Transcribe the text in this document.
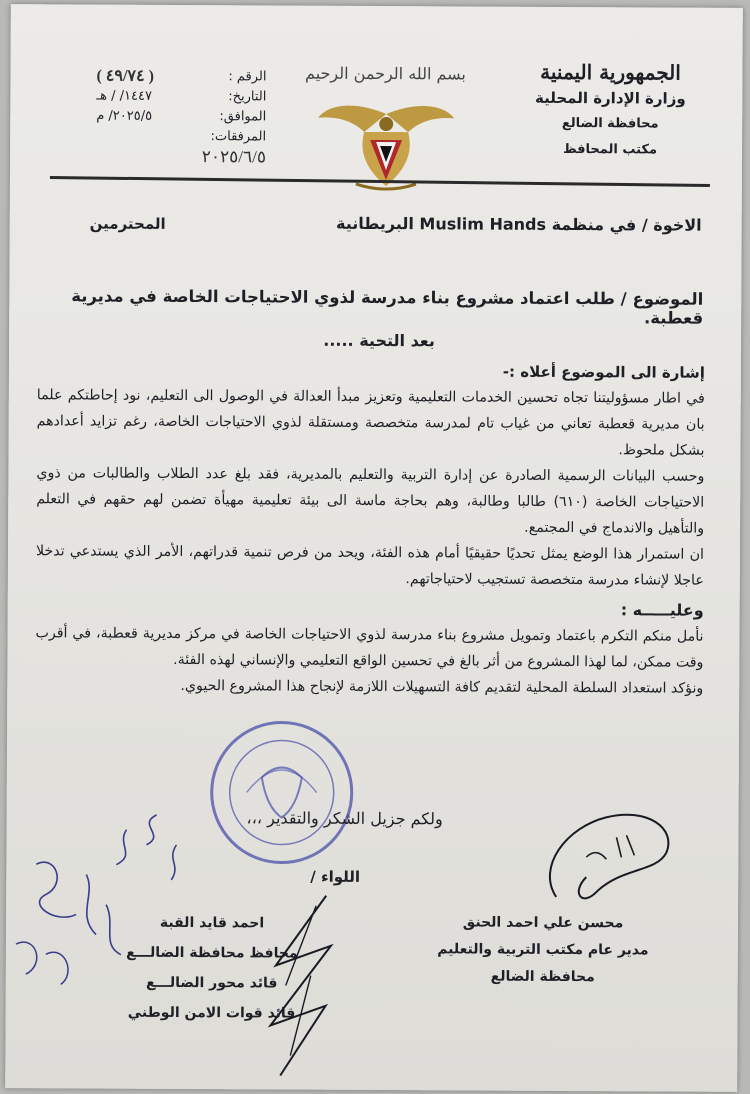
الجمهورية اليمنية
وزارة الإدارة المحلية
محافظة الضالع
مكتب المحافظ
بسم الله الرحمن الرحيم
الرقم :
( ٤٩/٧٤ )
التاريخ:
١٤٤٧/ / هـ
الموافق:
٢٠٢٥/٥/ م
المرفقات:
٢٠٢٥/٦/٥
الاخوة / في منظمة Muslim Hands البريطانية
المحترمين
الموضوع / طلب اعتماد مشروع بناء مدرسة لذوي الاحتياجات الخاصة في مديرية قعطبة.
بعد التحية .....

إشارة الى الموضوع أعلاه :-

في اطار مسؤوليتنا تجاه تحسين الخدمات التعليمية وتعزيز مبدأ العدالة في الوصول الى التعليم، نود إحاطتكم علما بان مديرية قعطبة تعاني من غياب تام لمدرسة متخصصة ومستقلة لذوي الاحتياجات الخاصة، رغم تزايد أعدادهم بشكل ملحوظ.

وحسب البيانات الرسمية الصادرة عن إدارة التربية والتعليم بالمديرية، فقد بلغ عدد الطلاب والطالبات من ذوي الاحتياجات الخاصة (٦١٠) طالبا وطالبة، وهم بحاجة ماسة الى بيئة تعليمية مهيأة تضمن لهم حقهم في التعلم والتأهيل والاندماج في المجتمع.

ان استمرار هذا الوضع يمثل تحديًا حقيقيًا أمام هذه الفئة، ويحد من فرص تنمية قدراتهم، الأمر الذي يستدعي تدخلا عاجلا لإنشاء مدرسة متخصصة تستجيب لاحتياجاتهم.

وعليـــــه :

نأمل منكم التكرم باعتماد وتمويل مشروع بناء مدرسة لذوي الاحتياجات الخاصة في مركز مديرية قعطبة، في أقرب وقت ممكن، لما لهذا المشروع من أثر بالغ في تحسين الواقع التعليمي والإنساني لهذه الفئة.

ونؤكد استعداد السلطة المحلية لتقديم كافة التسهيلات اللازمة لإنجاح هذا المشروع الحيوي.

ولكم جزيل الشكر والتقدير ،،،
اللواء /
محسن علي احمد الحنق
مدير عام مكتب التربية والتعليم
محافظة الضالع
احمد قايد القبة
محافظ محافظة الضالـــع
قائد محور الضالـــع
قائد قوات الامن الوطني
